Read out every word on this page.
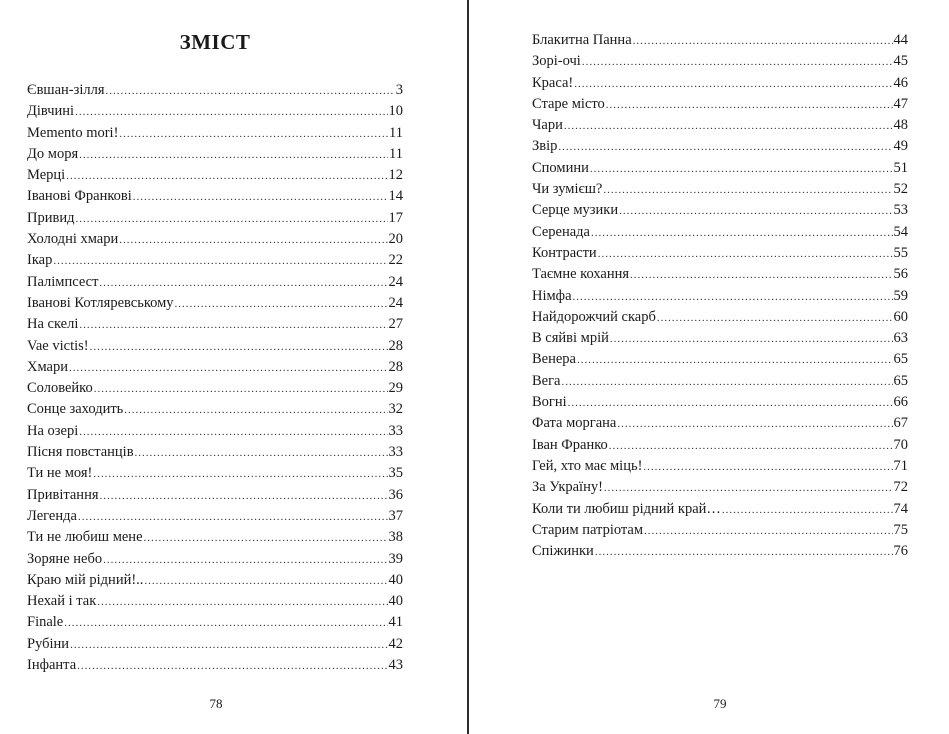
ЗМІСТ
Євшан-зілля .....	3
Дівчині .....	10
Memento mori! .....	11
До моря .....	11
Мерці .....	12
Іванові Франкові .....	14
Привид .....	17
Холодні хмари .....	20
Ікар .....	22
Палімпсест .....	24
Іванові Котляревському .....	24
На скелі .....	27
Vae victis! .....	28
Хмари .....	28
Соловейко .....	29
Сонце заходить .....	32
На озері .....	33
Пісня повстанців .....	33
Ти не моя! .....	35
Привітання .....	36
Легенда .....	37
Ти не любиш мене .....	38
Зоряне небо .....	39
Краю мій рідний!.. .....	40
Нехай і так .....	40
Finale .....	41
Рубіни .....	42
Інфанта .....	43
78
Блакитна Панна .....	44
Зорі-очі .....	45
Краса! .....	46
Старе місто .....	47
Чари .....	48
Звір .....	49
Спомини .....	51
Чи зумієш? .....	52
Серце музики .....	53
Серенада .....	54
Контрасти .....	55
Таємне кохання .....	56
Німфа .....	59
Найдорожчий скарб .....	60
В сяйві мрій .....	63
Венера .....	65
Вега .....	65
Вогні .....	66
Фата моргана .....	67
Іван Франко .....	70
Гей, хто має міць! .....	71
За Україну! .....	72
Коли ти любиш рідний край… .....	74
Старим патріотам .....	75
Спіжинки .....	76
79
